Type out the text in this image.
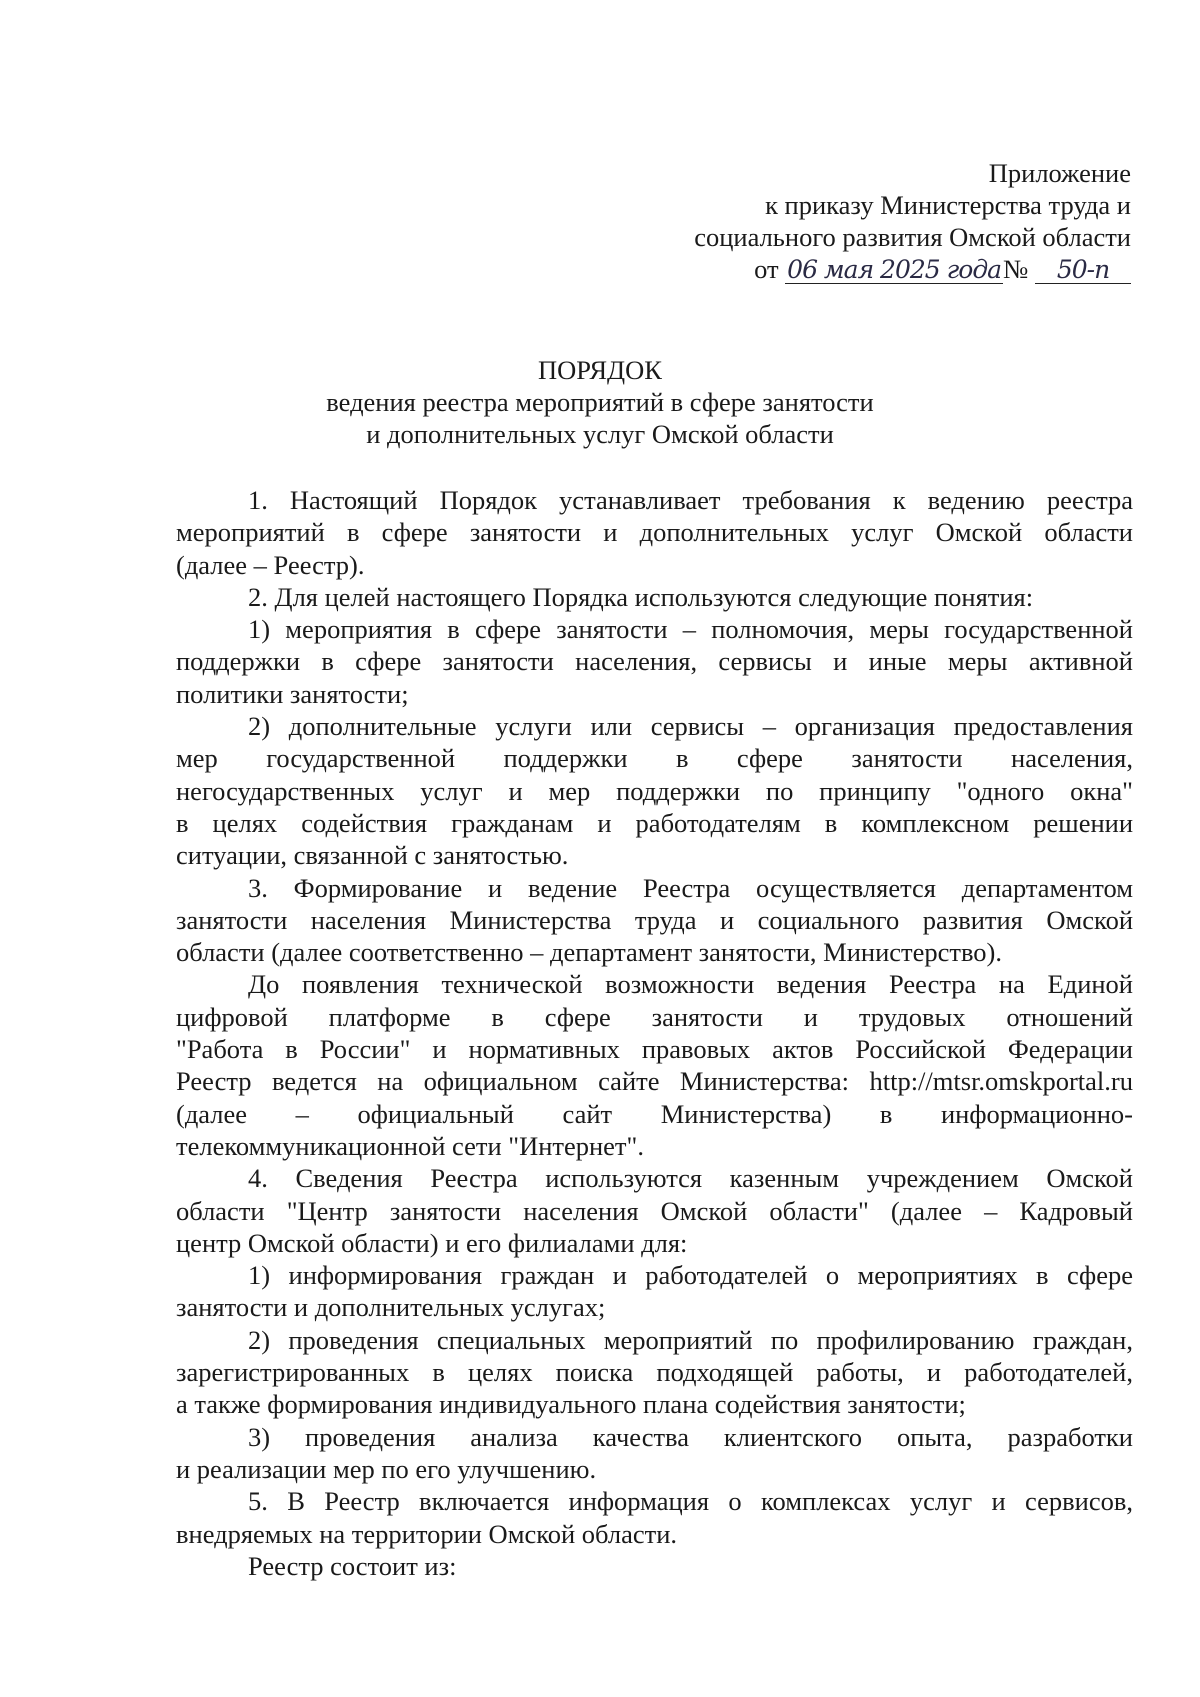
Приложение
к приказу Министерства труда и
социального развития Омской области
от 06 мая 2025 года№ 50-п
ПОРЯДОК
ведения реестра мероприятий в сфере занятости
и дополнительных услуг Омской области
1. Настоящий Порядок устанавливает требования к ведению реестра
мероприятий в сфере занятости и дополнительных услуг Омской области
(далее – Реестр).
2. Для целей настоящего Порядка используются следующие понятия:
1) мероприятия в сфере занятости – полномочия, меры государственной
поддержки в сфере занятости населения, сервисы и иные меры активной
политики занятости;
2) дополнительные услуги или сервисы – организация предоставления
мер государственной поддержки в сфере занятости населения,
негосударственных услуг и мер поддержки по принципу "одного окна"
в целях содействия гражданам и работодателям в комплексном решении
ситуации, связанной с занятостью.
3. Формирование и ведение Реестра осуществляется департаментом
занятости населения Министерства труда и социального развития Омской
области (далее соответственно – департамент занятости, Министерство).
До появления технической возможности ведения Реестра на Единой
цифровой платформе в сфере занятости и трудовых отношений
"Работа в России" и нормативных правовых актов Российской Федерации
Реестр ведется на официальном сайте Министерства: http://mtsr.omskportal.ru
(далее – официальный сайт Министерства) в информационно-
телекоммуникационной сети "Интернет".
4. Сведения Реестра используются казенным учреждением Омской
области "Центр занятости населения Омской области" (далее – Кадровый
центр Омской области) и его филиалами для:
1) информирования граждан и работодателей о мероприятиях в сфере
занятости и дополнительных услугах;
2) проведения специальных мероприятий по профилированию граждан,
зарегистрированных в целях поиска подходящей работы, и работодателей,
а также формирования индивидуального плана содействия занятости;
3) проведения анализа качества клиентского опыта, разработки
и реализации мер по его улучшению.
5. В Реестр включается информация о комплексах услуг и сервисов,
внедряемых на территории Омской области.
Реестр состоит из:
